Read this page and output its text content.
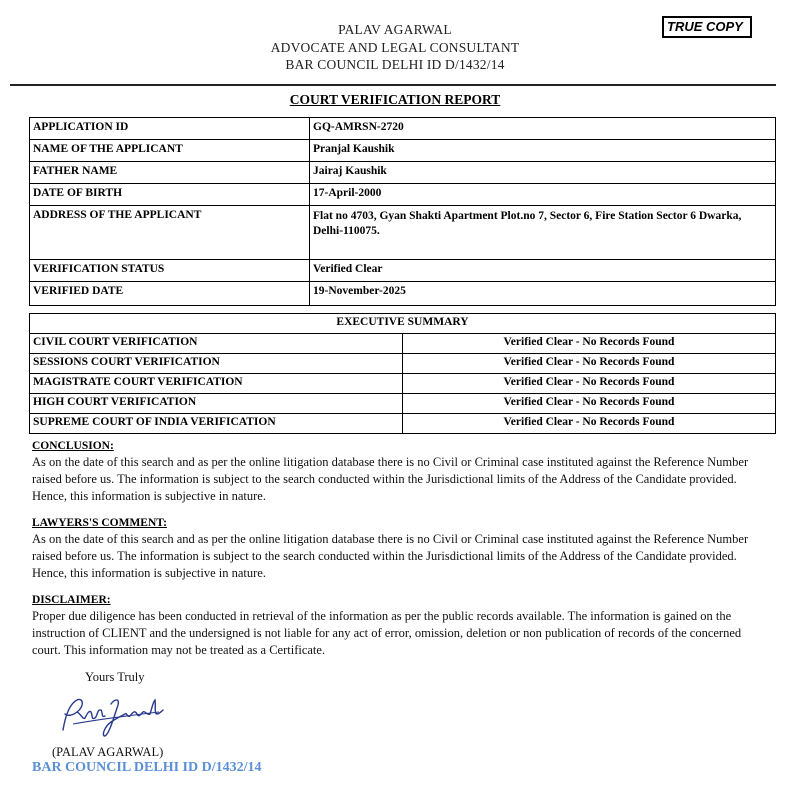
PALAV AGARWAL
ADVOCATE AND LEGAL CONSULTANT
BAR COUNCIL DELHI ID D/1432/14
TRUE COPY
COURT VERIFICATION REPORT
APPLICATION ID	GQ-AMRSN-2720
NAME OF THE APPLICANT	Pranjal Kaushik
FATHER NAME	Jairaj Kaushik
DATE OF BIRTH	17-April-2000
ADDRESS OF THE APPLICANT	Flat no 4703, Gyan Shakti Apartment Plot.no 7, Sector 6, Fire Station Sector 6 Dwarka, Delhi-110075.
VERIFICATION STATUS	Verified Clear
VERIFIED DATE	19-November-2025
EXECUTIVE SUMMARY	
CIVIL COURT VERIFICATION	Verified Clear - No Records Found
SESSIONS COURT VERIFICATION	Verified Clear - No Records Found
MAGISTRATE COURT VERIFICATION	Verified Clear - No Records Found
HIGH COURT VERIFICATION	Verified Clear - No Records Found
SUPREME COURT OF INDIA VERIFICATION	Verified Clear - No Records Found
CONCLUSION:
As on the date of this search and as per the online litigation database there is no Civil or Criminal case instituted against the Reference Number raised before us. The information is subject to the search conducted within the Jurisdictional limits of the Address of the Candidate provided. Hence, this information is subjective in nature.
LAWYERS'S COMMENT:
As on the date of this search and as per the online litigation database there is no Civil or Criminal case instituted against the Reference Number raised before us. The information is subject to the search conducted within the Jurisdictional limits of the Address of the Candidate provided. Hence, this information is subjective in nature.
DISCLAIMER:
Proper due diligence has been conducted in retrieval of the information as per the public records available. The information is gained on the instruction of CLIENT and the undersigned is not liable for any act of error, omission, deletion or non publication of records of the concerned court. This information may not be treated as a Certificate.
Yours Truly
(PALAV AGARWAL)
BAR COUNCIL DELHI ID D/1432/14
